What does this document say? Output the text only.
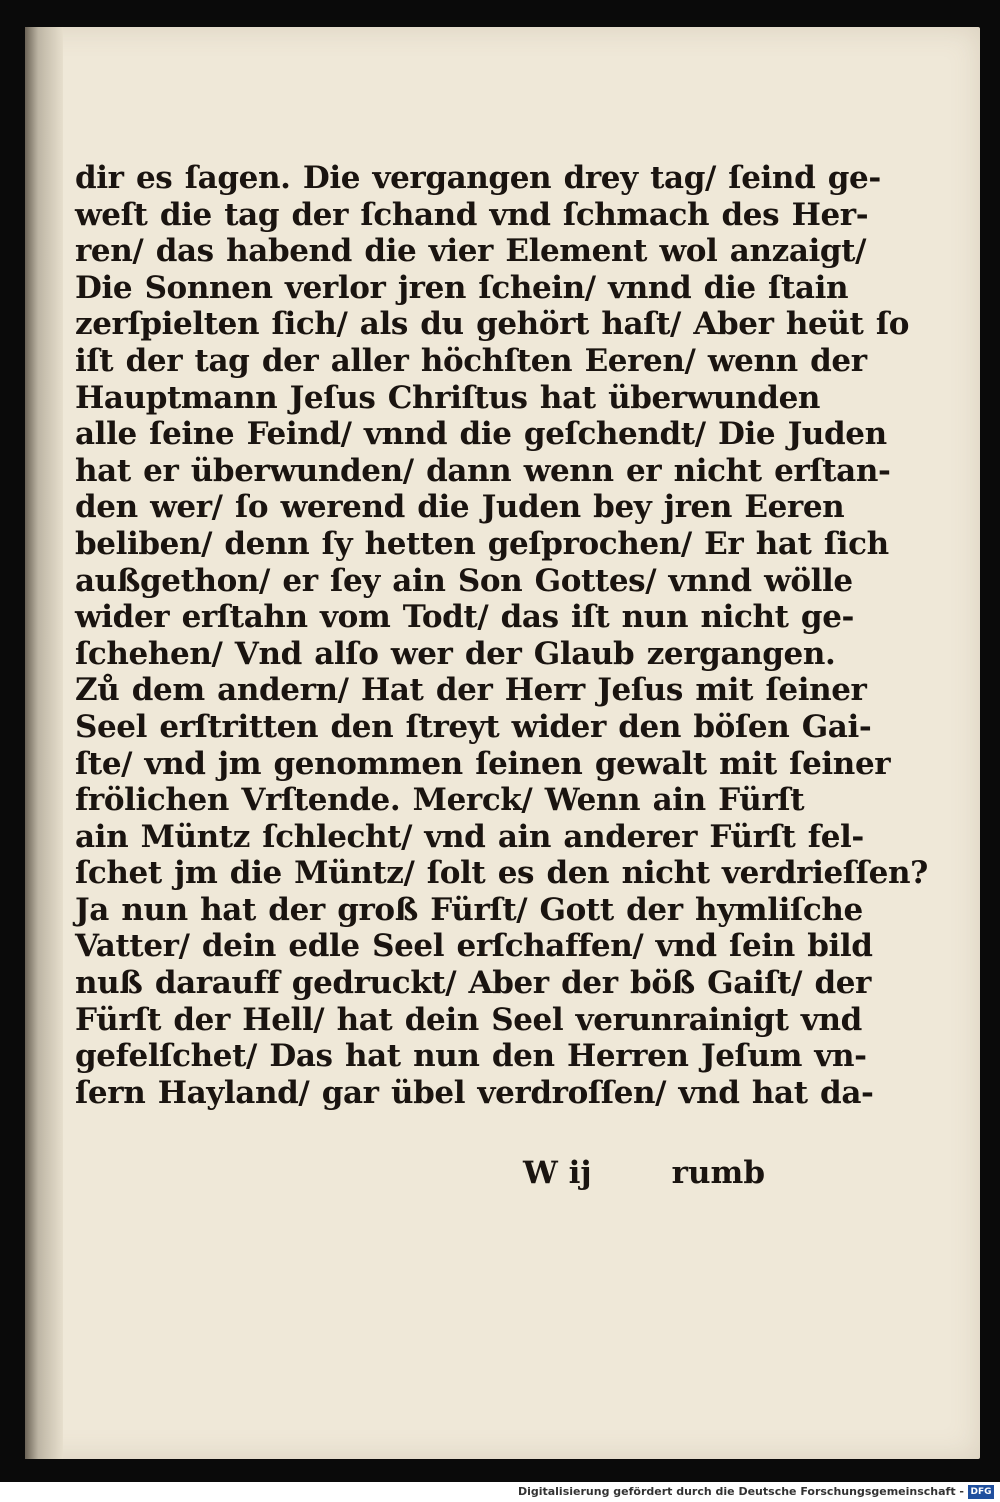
dir es ſagen. Die vergangen drey tag/ ſeind ge-
weſt die tag der ſchand vnd ſchmach des Her-
ren/ das habend die vier Element wol anzaigt/
Die Sonnen verlor jren ſchein/ vnnd die ſtain
zerſpielten ſich/ als du gehört haſt/ Aber heüt ſo
iſt der tag der aller höchſten Eeren/ wenn der
Hauptmann Jeſus Chriſtus hat überwunden
alle ſeine Feind/ vnnd die geſchendt/ Die Juden
hat er überwunden/ dann wenn er nicht erſtan-
den wer/ ſo werend die Juden bey jren Eeren
beliben/ denn ſy hetten geſprochen/ Er hat ſich
außgethon/ er ſey ain Son Gottes/ vnnd wölle
wider erſtahn vom Todt/ das iſt nun nicht ge-
ſchehen/ Vnd alſo wer der Glaub zergangen.
Zů dem andern/ Hat der Herr Jeſus mit ſeiner
Seel erſtritten den ſtreyt wider den böſen Gai-
ſte/ vnd jm genommen ſeinen gewalt mit ſeiner
frölichen Vrſtende. Merck/ Wenn ain Fürſt
ain Müntz ſchlecht/ vnd ain anderer Fürſt fel-
ſchet jm die Müntz/ ſolt es den nicht verdrieſſen?
Ja nun hat der groß Fürſt/ Gott der hymliſche
Vatter/ dein edle Seel erſchaffen/ vnd ſein bild
nuß darauff gedruckt/ Aber der böß Gaiſt/ der
Fürſt der Hell/ hat dein Seel verunrainigt vnd
gefelſchet/ Das hat nun den Herren Jeſum vn-
ſern Hayland/ gar übel verdroſſen/ vnd hat da-
W ij	rumb
Digitalisierung gefördert durch die Deutsche Forschungsgemeinschaft - DFG
